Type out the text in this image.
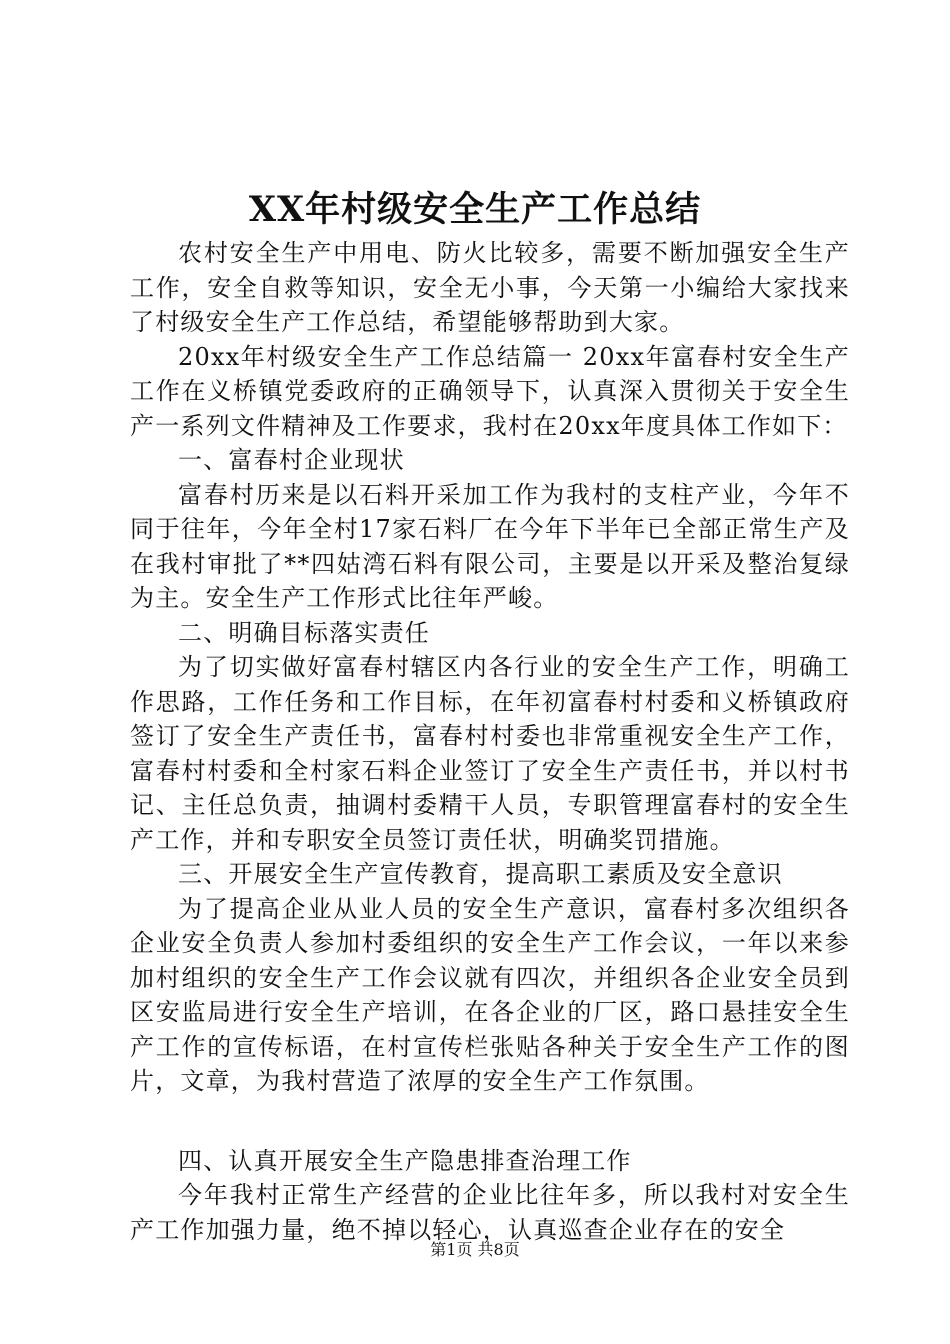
XX年村级安全生产工作总结

农村安全生产中用电、防火比较多，需要不断加强安全生产工作，安全自救等知识，安全无小事，今天第一小编给大家找来了村级安全生产工作总结，希望能够帮助到大家。

20xx年村级安全生产工作总结篇一 20xx年富春村安全生产工作在义桥镇党委政府的正确领导下，认真深入贯彻关于安全生产一系列文件精神及工作要求，我村在20xx年度具体工作如下：

一、富春村企业现状

富春村历来是以石料开采加工作为我村的支柱产业，今年不同于往年，今年全村17家石料厂在今年下半年已全部正常生产及在我村审批了**四姑湾石料有限公司，主要是以开采及整治复绿为主。安全生产工作形式比往年严峻。

二、明确目标落实责任

为了切实做好富春村辖区内各行业的安全生产工作，明确工作思路，工作任务和工作目标，在年初富春村村委和义桥镇政府签订了安全生产责任书，富春村村委也非常重视安全生产工作，富春村村委和全村家石料企业签订了安全生产责任书，并以村书记、主任总负责，抽调村委精干人员，专职管理富春村的安全生产工作，并和专职安全员签订责任状，明确奖罚措施。

三、开展安全生产宣传教育，提高职工素质及安全意识

为了提高企业从业人员的安全生产意识，富春村多次组织各企业安全负责人参加村委组织的安全生产工作会议，一年以来参加村组织的安全生产工作会议就有四次，并组织各企业安全员到区安监局进行安全生产培训，在各企业的厂区，路口悬挂安全生产工作的宣传标语，在村宣传栏张贴各种关于安全生产工作的图片，文章，为我村营造了浓厚的安全生产工作氛围。

四、认真开展安全生产隐患排查治理工作

今年我村正常生产经营的企业比往年多，所以我村对安全生产工作加强力量，绝不掉以轻心，认真巡查企业存在的安全

第1页 共8页
